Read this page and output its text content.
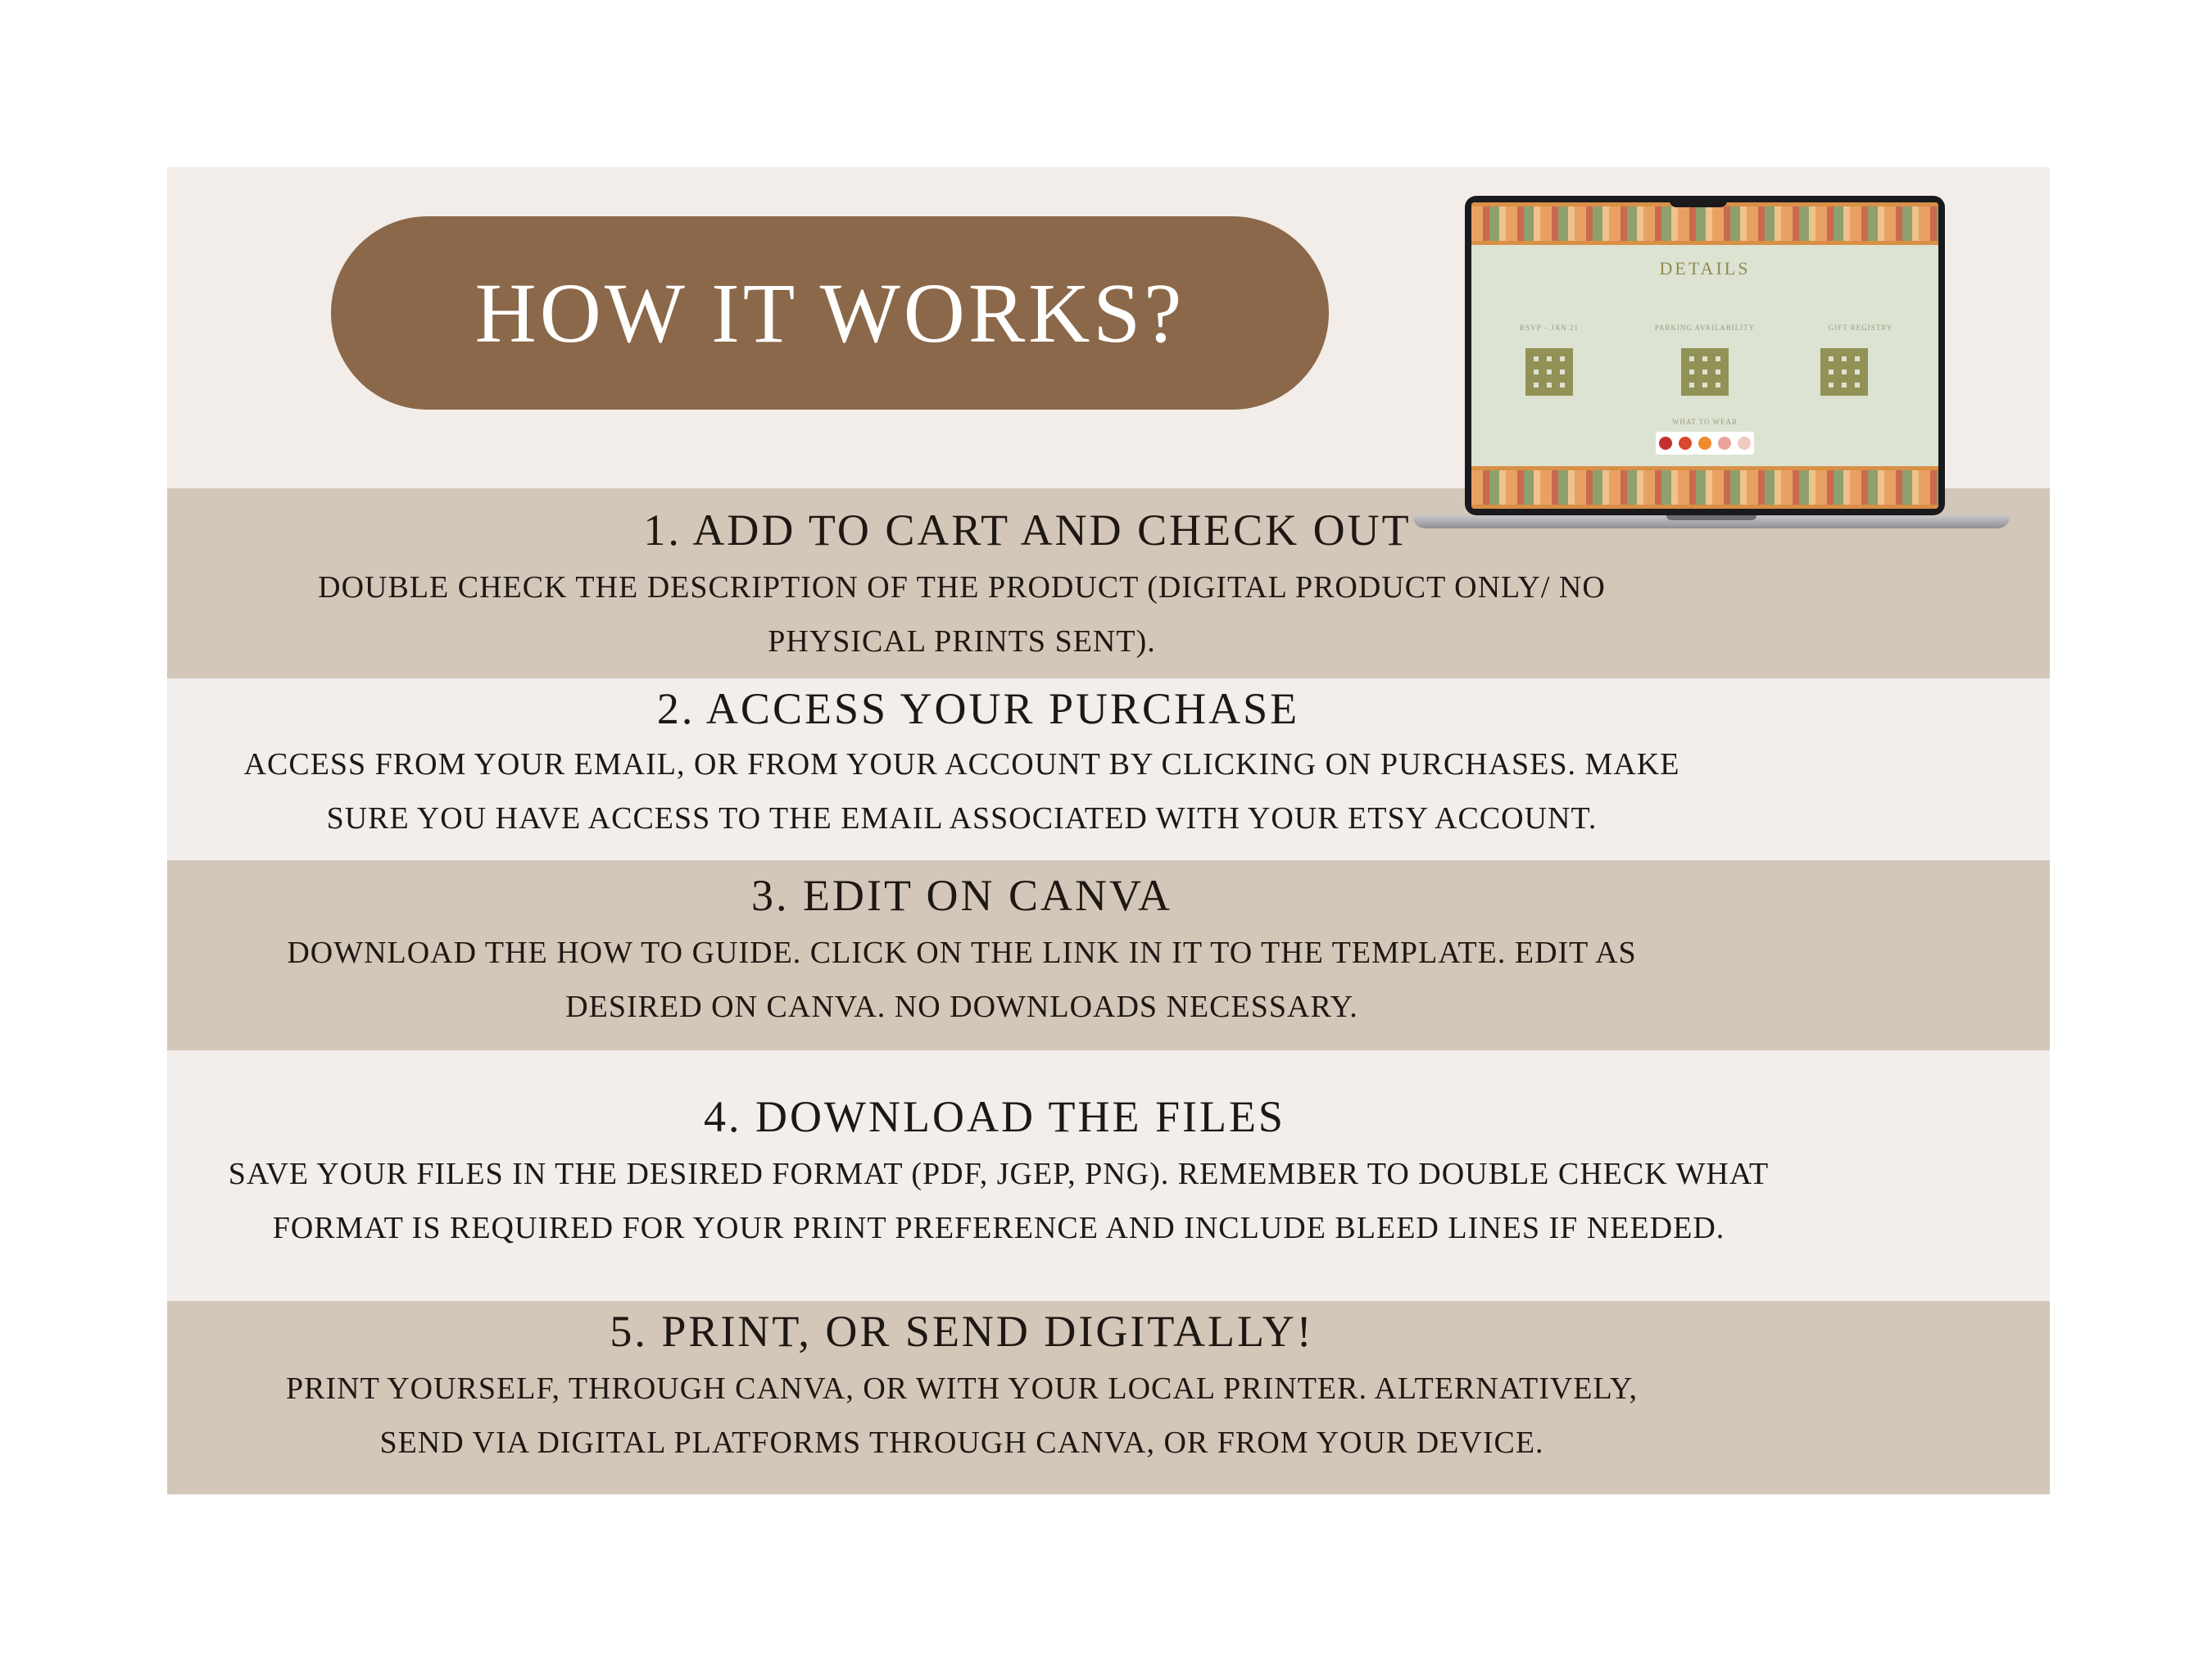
1. ADD TO CART AND CHECK OUT
DOUBLE CHECK THE DESCRIPTION OF THE PRODUCT (DIGITAL PRODUCT ONLY/ NO
PHYSICAL PRINTS SENT).
2. ACCESS YOUR PURCHASE
ACCESS FROM YOUR EMAIL, OR FROM YOUR ACCOUNT BY CLICKING ON PURCHASES. MAKE
SURE YOU HAVE ACCESS TO THE EMAIL ASSOCIATED WITH YOUR ETSY ACCOUNT.
3. EDIT ON CANVA
DOWNLOAD THE HOW TO GUIDE. CLICK ON THE LINK IN IT TO THE TEMPLATE. EDIT AS
DESIRED ON CANVA. NO DOWNLOADS NECESSARY.
4. DOWNLOAD THE FILES
SAVE YOUR FILES IN THE DESIRED FORMAT (PDF, JGEP, PNG). REMEMBER TO DOUBLE CHECK WHAT
FORMAT IS REQUIRED FOR YOUR PRINT PREFERENCE AND INCLUDE BLEED LINES IF NEEDED.
5. PRINT, OR SEND DIGITALLY!
PRINT YOURSELF, THROUGH CANVA, OR WITH YOUR LOCAL PRINTER. ALTERNATIVELY,
SEND VIA DIGITAL PLATFORMS THROUGH CANVA, OR FROM YOUR DEVICE.
HOW IT WORKS?	DETAILS
RSVP – JAN 21	PARKING AVAILABILITY	GIFT REGISTRY
WHAT TO WEAR
